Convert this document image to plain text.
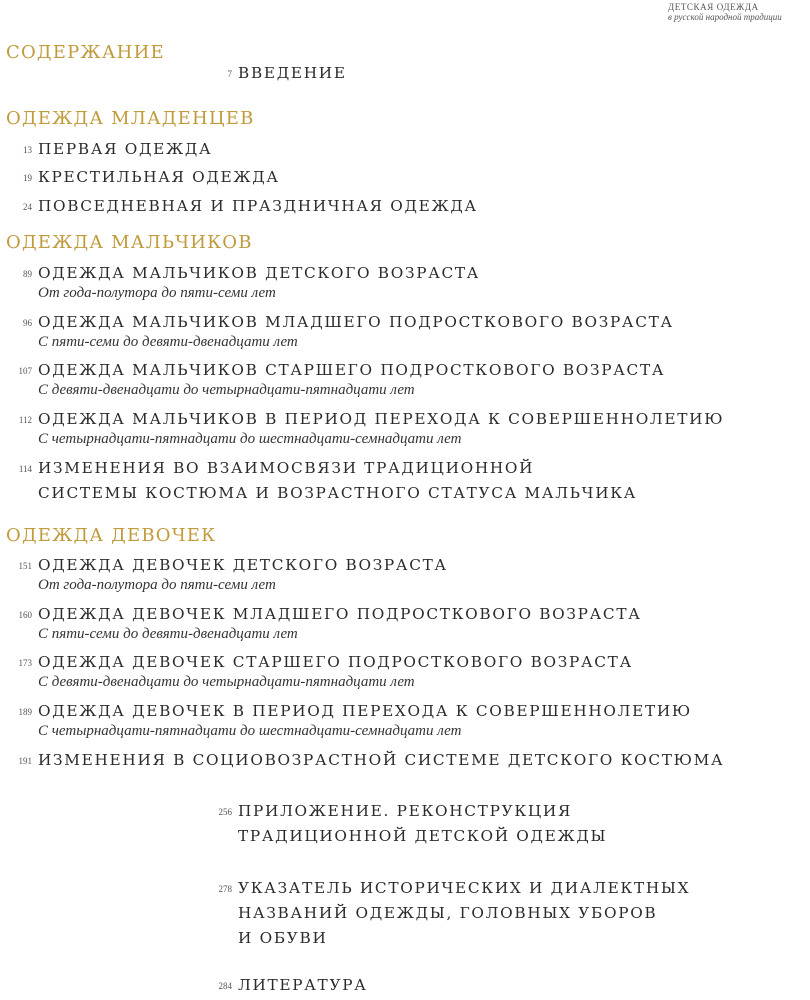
ДЕТСКАЯ ОДЕЖДА
в русской народной традиции
СОДЕРЖАНИЕ
7 ВВЕДЕНИЕ
ОДЕЖДА МЛАДЕНЦЕВ
13 ПЕРВАЯ ОДЕЖДА
19 КРЕСТИЛЬНАЯ ОДЕЖДА
24 ПОВСЕДНЕВНАЯ И ПРАЗДНИЧНАЯ ОДЕЖДА
ОДЕЖДА МАЛЬЧИКОВ
89 ОДЕЖДА МАЛЬЧИКОВ ДЕТСКОГО ВОЗРАСТА
От года-полутора до пяти-семи лет
96 ОДЕЖДА МАЛЬЧИКОВ МЛАДШЕГО ПОДРОСТКОВОГО ВОЗРАСТА
С пяти-семи до девяти-двенадцати лет
107 ОДЕЖДА МАЛЬЧИКОВ СТАРШЕГО ПОДРОСТКОВОГО ВОЗРАСТА
С девяти-двенадцати до четырнадцати-пятнадцати лет
112 ОДЕЖДА МАЛЬЧИКОВ В ПЕРИОД ПЕРЕХОДА К СОВЕРШЕННОЛЕТИЮ
С четырнадцати-пятнадцати до шестнадцати-семнадцати лет
114 ИЗМЕНЕНИЯ ВО ВЗАИМОСВЯЗИ ТРАДИЦИОННОЙ
СИСТЕМЫ КОСТЮМА И ВОЗРАСТНОГО СТАТУСА МАЛЬЧИКА
ОДЕЖДА ДЕВОЧЕК
151 ОДЕЖДА ДЕВОЧЕК ДЕТСКОГО ВОЗРАСТА
От года-полутора до пяти-семи лет
160 ОДЕЖДА ДЕВОЧЕК МЛАДШЕГО ПОДРОСТКОВОГО ВОЗРАСТА
С пяти-семи до девяти-двенадцати лет
173 ОДЕЖДА ДЕВОЧЕК СТАРШЕГО ПОДРОСТКОВОГО ВОЗРАСТА
С девяти-двенадцати до четырнадцати-пятнадцати лет
189 ОДЕЖДА ДЕВОЧЕК В ПЕРИОД ПЕРЕХОДА К СОВЕРШЕННОЛЕТИЮ
С четырнадцати-пятнадцати до шестнадцати-семнадцати лет
191 ИЗМЕНЕНИЯ В СОЦИОВОЗРАСТНОЙ СИСТЕМЕ ДЕТСКОГО КОСТЮМА
256 ПРИЛОЖЕНИЕ. РЕКОНСТРУКЦИЯ
ТРАДИЦИОННОЙ ДЕТСКОЙ ОДЕЖДЫ
278 УКАЗАТЕЛЬ ИСТОРИЧЕСКИХ И ДИАЛЕКТНЫХ
НАЗВАНИЙ ОДЕЖДЫ, ГОЛОВНЫХ УБОРОВ
И ОБУВИ
284 ЛИТЕРАТУРА
